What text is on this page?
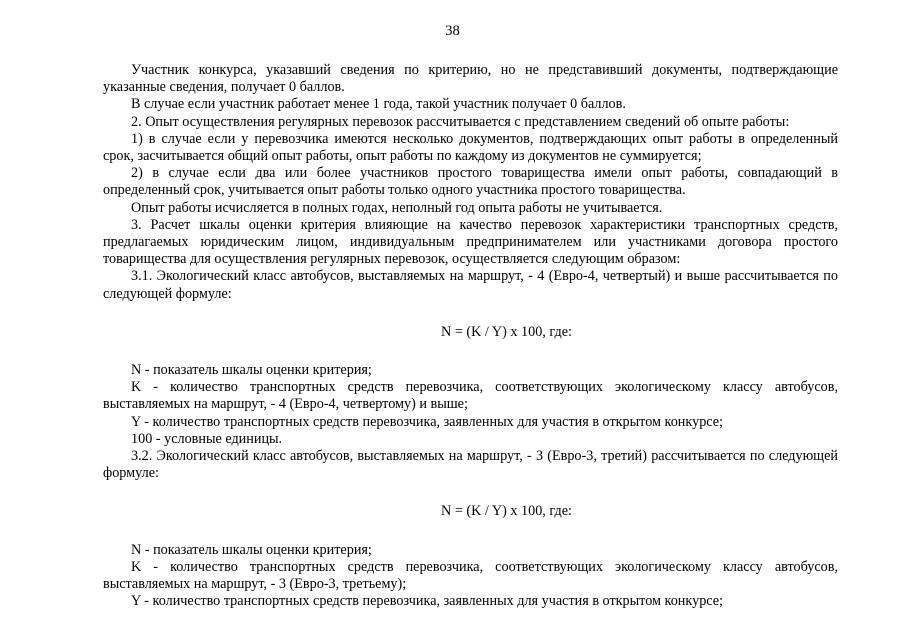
38

Участник конкурса, указавший сведения по критерию, но не представивший документы, подтверждающие указанные сведения, получает 0 баллов.

В случае если участник работает менее 1 года, такой участник получает 0 баллов.

2. Опыт осуществления регулярных перевозок рассчитывается с представлением сведений об опыте работы:

1) в случае если у перевозчика имеются несколько документов, подтверждающих опыт работы в определенный срок, засчитывается общий опыт работы, опыт работы по каждому из документов не суммируется;

2) в случае если два или более участников простого товарищества имели опыт работы, совпадающий в определенный срок, учитывается опыт работы только одного участника простого товарищества.

Опыт работы исчисляется в полных годах, неполный год опыта работы не учитывается.

3. Расчет шкалы оценки критерия влияющие на качество перевозок характеристики транспортных средств, предлагаемых юридическим лицом, индивидуальным предпринимателем или участниками договора простого товарищества для осуществления регулярных перевозок, осуществляется следующим образом:

3.1. Экологический класс автобусов, выставляемых на маршрут, - 4 (Евро-4, четвертый) и выше рассчитывается по следующей формуле:

N = (K / Y) x 100, где:

N - показатель шкалы оценки критерия;

K - количество транспортных средств перевозчика, соответствующих экологическому классу автобусов, выставляемых на маршрут, - 4 (Евро-4, четвертому) и выше;

Y - количество транспортных средств перевозчика, заявленных для участия в открытом конкурсе;

100 - условные единицы.

3.2. Экологический класс автобусов, выставляемых на маршрут, - 3 (Евро-3, третий) рассчитывается по следующей формуле:

N = (K / Y) x 100, где:

N - показатель шкалы оценки критерия;

K - количество транспортных средств перевозчика, соответствующих экологическому классу автобусов, выставляемых на маршрут, - 3 (Евро-3, третьему);

Y - количество транспортных средств перевозчика, заявленных для участия в открытом конкурсе;
